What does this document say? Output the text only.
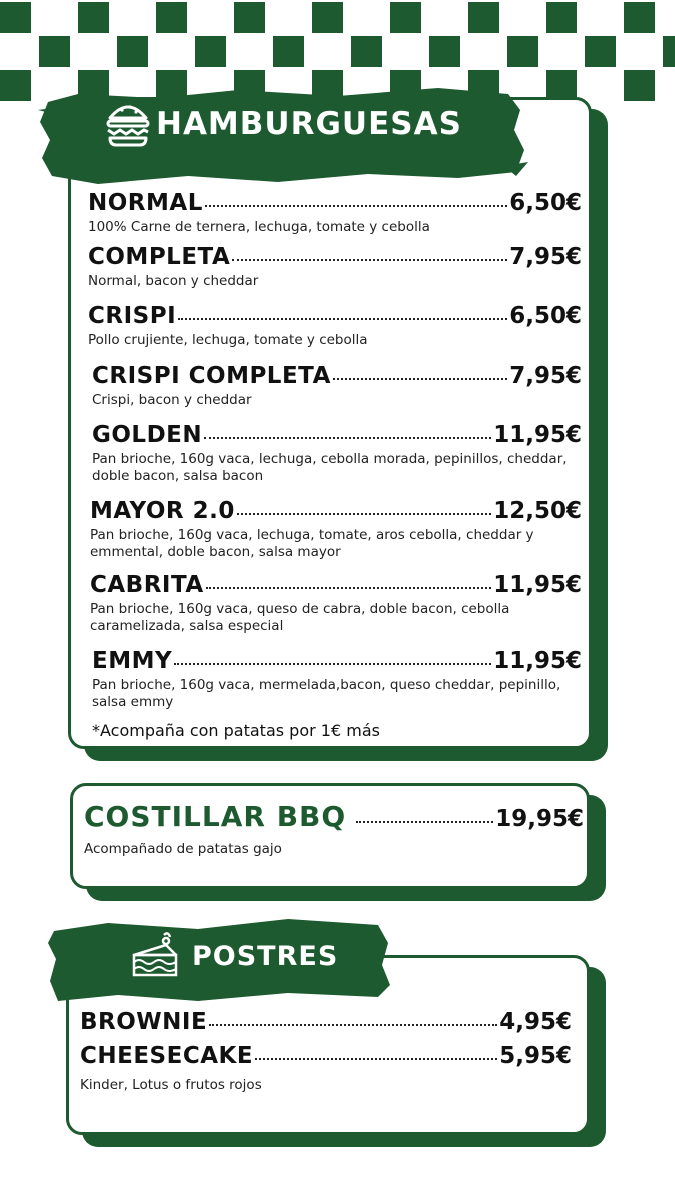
HAMBURGUESAS
NORMAL	6,50€
100% Carne de ternera, lechuga, tomate y cebolla
COMPLETA	7,95€
Normal, bacon y cheddar
CRISPI	6,50€
Pollo crujiente, lechuga, tomate y cebolla
CRISPI COMPLETA	7,95€
Crispi, bacon y cheddar
GOLDEN	11,95€
Pan brioche, 160g vaca, lechuga, cebolla morada, pepinillos, cheddar, doble bacon, salsa bacon
MAYOR 2.0	12,50€
Pan brioche, 160g vaca, lechuga, tomate, aros cebolla, cheddar y emmental, doble bacon, salsa mayor
CABRITA	11,95€
Pan brioche, 160g vaca, queso de cabra, doble bacon, cebolla caramelizada, salsa especial
EMMY	11,95€
Pan brioche, 160g vaca, mermelada,bacon, queso cheddar, pepinillo, salsa emmy
*Acompaña con patatas por 1€ más
COSTILLAR BBQ	19,95€
Acompañado de patatas gajo
POSTRES
BROWNIE	4,95€
CHEESECAKE	5,95€
Kinder, Lotus o frutos rojos
